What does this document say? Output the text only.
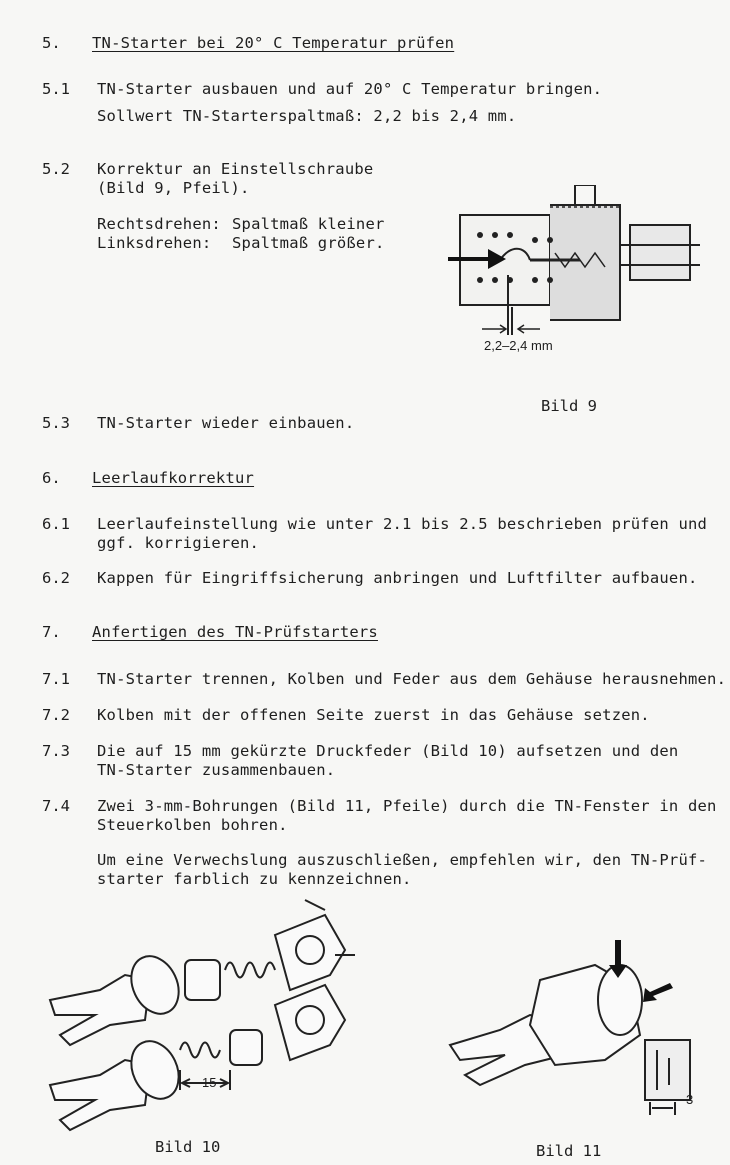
5. TN-Starter bei 20° C Temperatur prüfen
5.1 TN-Starter ausbauen und auf 20° C Temperatur bringen.
Sollwert TN-Starterspaltmaß: 2,2 bis 2,4 mm.
5.2 Korrektur an Einstellschraube
(Bild 9, Pfeil).
Rechtsdrehen: Spaltmaß kleiner
Linksdrehen: Spaltmaß größer.
2,2–2,4 mm
Bild 9
5.3 TN-Starter wieder einbauen.
6. Leerlaufkorrektur
6.1 Leerlaufeinstellung wie unter 2.1 bis 2.5 beschrieben prüfen und
ggf. korrigieren.
6.2 Kappen für Eingriffsicherung anbringen und Luftfilter aufbauen.
7. Anfertigen des TN-Prüfstarters
7.1 TN-Starter trennen, Kolben und Feder aus dem Gehäuse herausnehmen.
7.2 Kolben mit der offenen Seite zuerst in das Gehäuse setzen.
7.3 Die auf 15 mm gekürzte Druckfeder (Bild 10) aufsetzen und den
TN-Starter zusammenbauen.
7.4 Zwei 3-mm-Bohrungen (Bild 11, Pfeile) durch die TN-Fenster in den
Steuerkolben bohren.
Um eine Verwechslung auszuschließen, empfehlen wir, den TN-Prüf-
starter farblich zu kennzeichnen.
15
Bild 10
3
Bild 11
